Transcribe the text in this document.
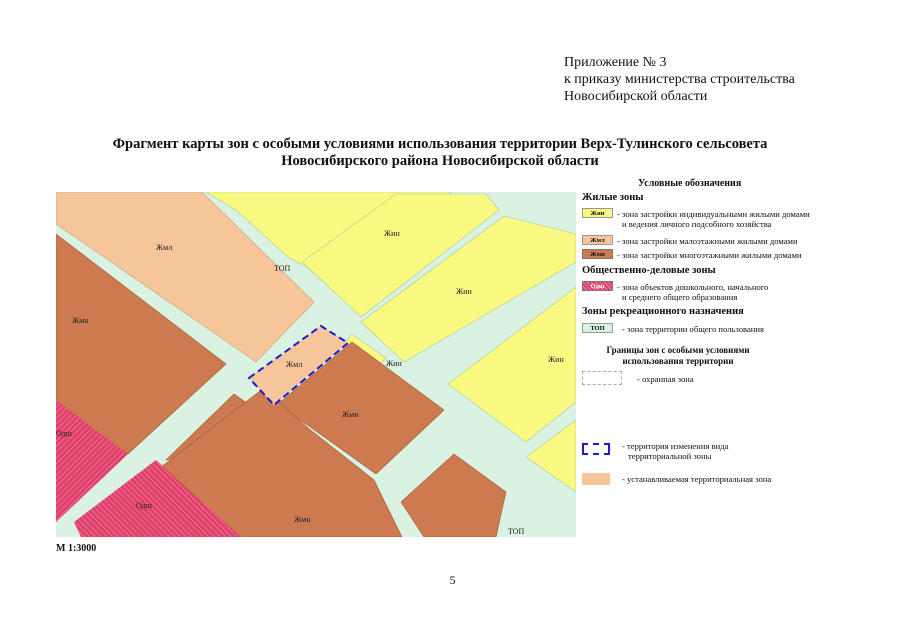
Приложение № 3
к приказу министерства строительства
Новосибирской области
Фрагмент карты зон с особыми условиями использования территории Верх-Тулинского сельсовета
Новосибирского района Новосибирской области
Жмл
Жин
ТОП
Жин
Жмн
Жмл	Жин	Жин
Жмн
Одш
Одш
Жмн
ТОП
Условные обозначения
Жилые зоны
Жин	- зона застройки индивидуальными жилыми домами
и ведения личного подсобного хозяйства
Жмл	- зона застройки малоэтажными жилыми домами
Жмн	- зона застройки многоэтажными жилыми домами
Общественно-деловые зоны
Одш	- зона объектов дошкольного, начального
и среднего общего образования
Зоны рекреационного назначения
ТОП	- зона территории общего пользования
Границы зон с особыми условиями
использования территории
- охранная зона
- территория изменения вида
территориальной зоны
- устанавливаемая территориальная зона
М 1:3000
5
